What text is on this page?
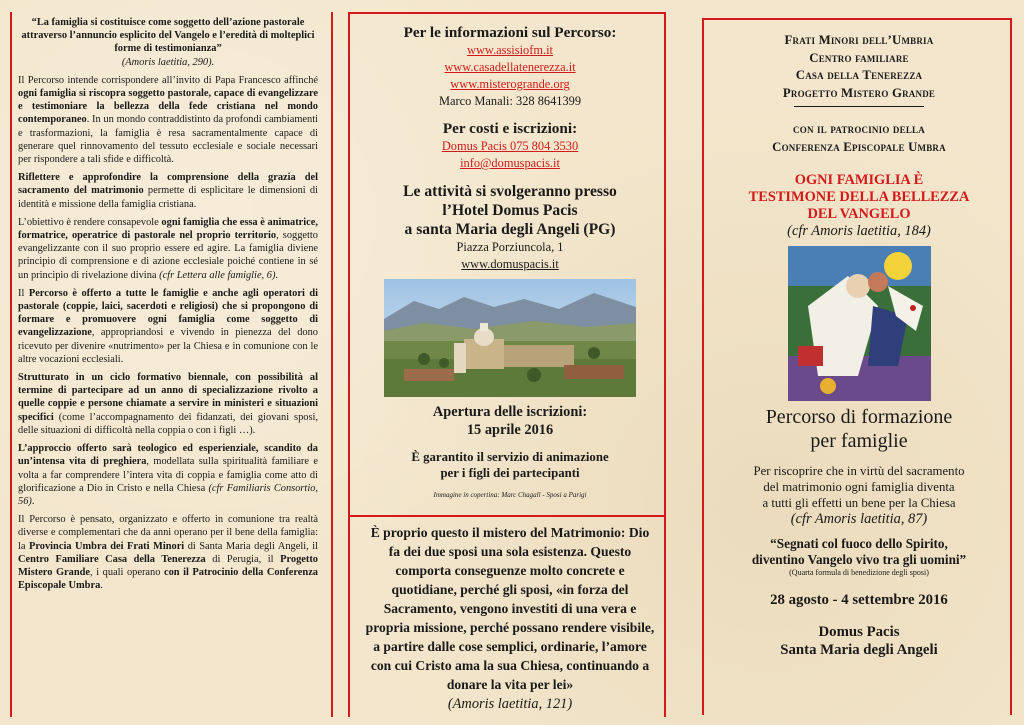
“La famiglia si costituisce come soggetto dell’azione pastorale attraverso l’annuncio esplicito del Vangelo e l’eredità di molteplici forme di testimonianza”
(Amoris laetitia, 290).

Il Percorso intende corrispondere all’invito di Papa Francesco affinché ogni famiglia si riscopra soggetto pastorale, capace di evangelizzare e testimoniare la bellezza della fede cristiana nel mondo contemporaneo. In un mondo contraddistinto da profondi cambiamenti e trasformazioni, la famiglia è resa sacramentalmente capace di generare quel rinnovamento del tessuto ecclesiale e sociale necessari per rispondere a tali sfide e difficoltà.

Riflettere e approfondire la comprensione della grazia del sacramento del matrimonio permette di esplicitare le dimensioni di identità e missione della famiglia cristiana.

L’obiettivo è rendere consapevole ogni famiglia che essa è animatrice, formatrice, operatrice di pastorale nel proprio territorio, soggetto evangelizzante con il suo proprio essere ed agire. La famiglia diviene principio di comprensione e di azione ecclesiale poiché contiene in sé un principio di rivelazione divina (cfr Lettera alle famiglie, 6).

Il Percorso è offerto a tutte le famiglie e anche agli operatori di pastorale (coppie, laici, sacerdoti e religiosi) che si propongono di formare e promuovere ogni famiglia come soggetto di evangelizzazione, appropriandosi e vivendo in pienezza del dono ricevuto per divenire «nutrimento» per la Chiesa e in comunione con le altre vocazioni ecclesiali.

Strutturato in un ciclo formativo biennale, con possibilità al termine di partecipare ad un anno di specializzazione rivolto a quelle coppie e persone chiamate a servire in ministeri e situazioni specifici (come l’accompagnamento dei fidanzati, dei giovani sposi, delle situazioni di difficoltà nella coppia o con i figli …).

L’approccio offerto sarà teologico ed esperienziale, scandito da un’intensa vita di preghiera, modellata sulla spiritualità familiare e volta a far comprendere l’intera vita di coppia e famiglia come atto di glorificazione a Dio in Cristo e nella Chiesa (cfr Familiaris Consortio, 56).

Il Percorso è pensato, organizzato e offerto in comunione tra realtà diverse e complementari che da anni operano per il bene della famiglia: la Provincia Umbra dei Frati Minori di Santa Maria degli Angeli, il Centro Familiare Casa della Tenerezza di Perugia, il Progetto Mistero Grande, i quali operano con il Patrocinio della Conferenza Episcopale Umbra.

Per le informazioni sul Percorso:
www.assisiofm.it
www.casadellatenerezza.it
www.misterogrande.org
Marco Manali: 328 8641399
Per costi e iscrizioni:
Domus Pacis 075 804 3530
info@domuspacis.it
Le attività si svolgeranno presso
l’Hotel Domus Pacis
a santa Maria degli Angeli (PG)
Piazza Porziuncola, 1
www.domuspacis.it
Apertura delle iscrizioni:
15 aprile 2016
È garantito il servizio di animazione
per i figli dei partecipanti
Immagine in copertina: Marc Chagall - Sposi a Parigi
È proprio questo il mistero del Matrimonio: Dio fa dei due sposi una sola esistenza. Questo comporta conseguenze molto concrete e quotidiane, perché gli sposi, «in forza del Sacramento, vengono investiti di una vera e propria missione, perché possano rendere visibile, a partire dalle cose semplici, ordinarie, l’amore con cui Cristo ama la sua Chiesa, continuando a donare la vita per lei»
(Amoris laetitia, 121)
Frati Minori dell’Umbria
Centro familiare
Casa della Tenerezza
Progetto Mistero Grande
con il patrocinio della
Conferenza Episcopale Umbra
OGNI FAMIGLIA È
TESTIMONE DELLA BELLEZZA
DEL VANGELO
(cfr Amoris laetitia, 184)
Percorso di formazione
per famiglie
Per riscoprire che in virtù del sacramento
del matrimonio ogni famiglia diventa
a tutti gli effetti un bene per la Chiesa
(cfr Amoris laetitia, 87)
“Segnati col fuoco dello Spirito,
diventino Vangelo vivo tra gli uomini”
(Quarta formula di benedizione degli sposi)
28 agosto - 4 settembre 2016
Domus Pacis
Santa Maria degli Angeli
